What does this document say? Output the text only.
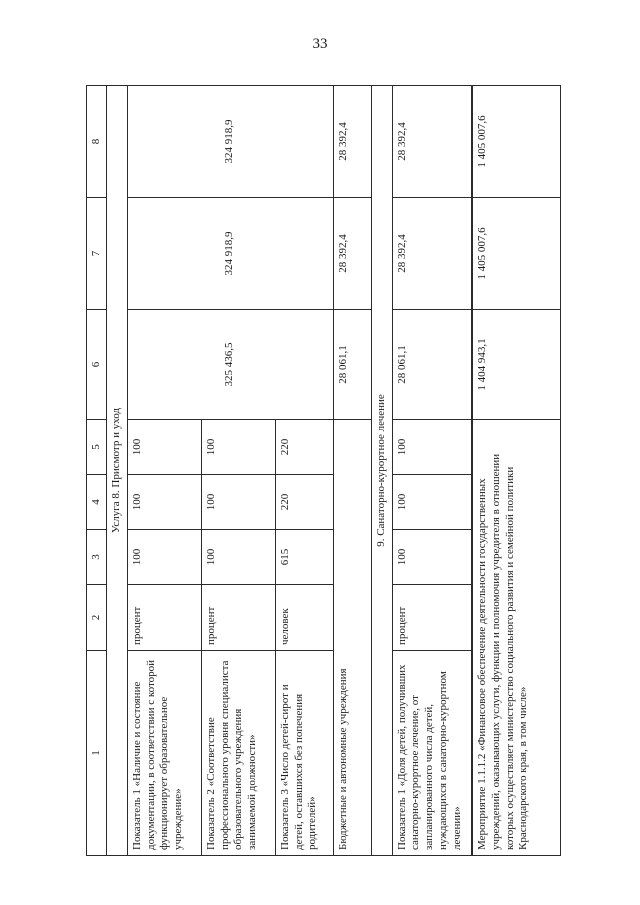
33
1	2	3	4	5	6	7	8
Услуга 8. Присмотр и уход							
Показатель 1 «Наличие и состояние документации, в соответствии с которой функционирует образовательное учреждение»	процент	100	100	100	325 436,5	324 918,9	324 918,9
Показатель 2 «Соответствие профессионального уровня специалиста образовательного учреждения занимаемой должности»	процент	100	100	100			
Показатель 3 «Число детей-сирот и детей, оставшихся без попечения родителей»	человек	615	220	220			
Бюджетные и автономные учреждения					28 061,1	28 392,4	28 392,4
9. Санаторно-курортное лечение							
Показатель 1 «Доля детей, получивших санаторно-курортное лечение, от запланированного числа детей, нуждающихся в санаторно-курортном лечении»	процент	100	100	100	28 061,1	28 392,4	28 392,4
Мероприятие 1.1.1.2 «Финансовое обеспечение деятельности государственных учреждений, оказывающих услуги, функции и полномочия учредителя в отношении которых осуществляет министерство социального развития и семейной политики Краснодарского края, в том числе»					1 404 943,1	1 405 007,6	1 405 007,6
